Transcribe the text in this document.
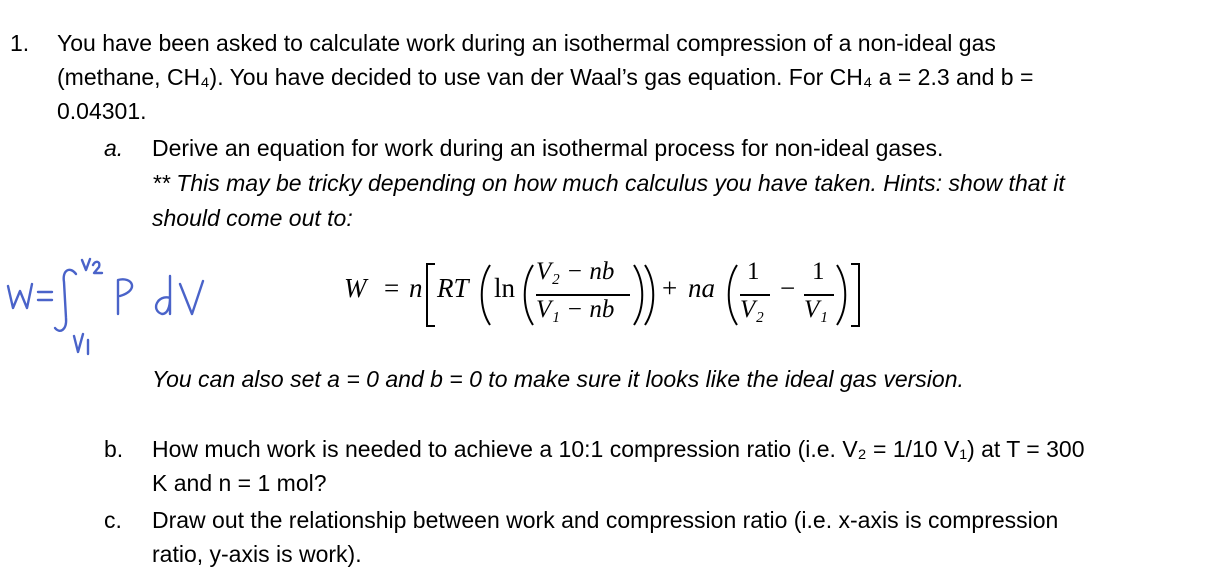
1. You have been asked to calculate work during an isothermal compression of a non-ideal gas
(methane, CH₄). You have decided to use van der Waal’s gas equation. For CH₄ a = 2.3 and b =
0.04301.
a. Derive an equation for work during an isothermal process for non-ideal gases.
** This may be tricky depending on how much calculus you have taken. Hints: show that it
should come out to:
W = n RT ln
V₂ − nb
V₁ − nb
+ na
1
V₂
−
1
V₁
You can also set a = 0 and b = 0 to make sure it looks like the ideal gas version.
b. How much work is needed to achieve a 10:1 compression ratio (i.e. V₂ = 1/10 V₁) at T = 300
K and n = 1 mol?
c. Draw out the relationship between work and compression ratio (i.e. x-axis is compression
ratio, y-axis is work).
